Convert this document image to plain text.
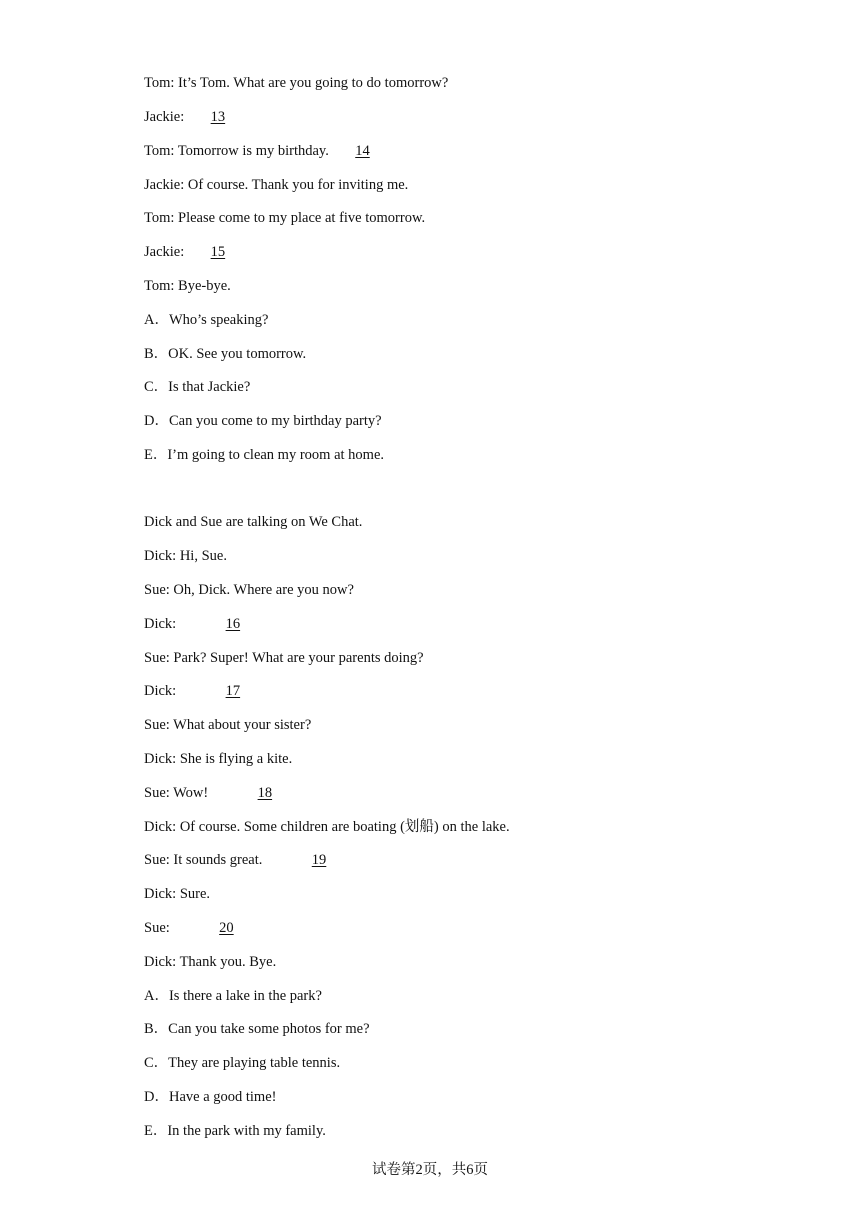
Tom: It’s Tom. What are you going to do tomorrow?
Jackie: 13
Tom: Tomorrow is my birthday. 14
Jackie: Of course. Thank you for inviting me.
Tom: Please come to my place at five tomorrow.
Jackie: 15
Tom: Bye-bye.
A．Who’s speaking?
B．OK. See you tomorrow.
C．Is that Jackie?
D．Can you come to my birthday party?
E．I’m going to clean my room at home.
Dick and Sue are talking on We Chat.
Dick: Hi, Sue.
Sue: Oh, Dick. Where are you now?
Dick:	16
Sue: Park? Super! What are your parents doing?
Dick:	17
Sue: What about your sister?
Dick: She is flying a kite.
Sue: Wow!	18
Dick: Of course. Some children are boating (划船) on the lake.
Sue: It sounds great.	19
Dick: Sure.
Sue:	20
Dick: Thank you. Bye.
A．Is there a lake in the park?
B．Can you take some photos for me?
C．They are playing table tennis.
D．Have a good time!
E．In the park with my family.
试卷第2页，共6页
